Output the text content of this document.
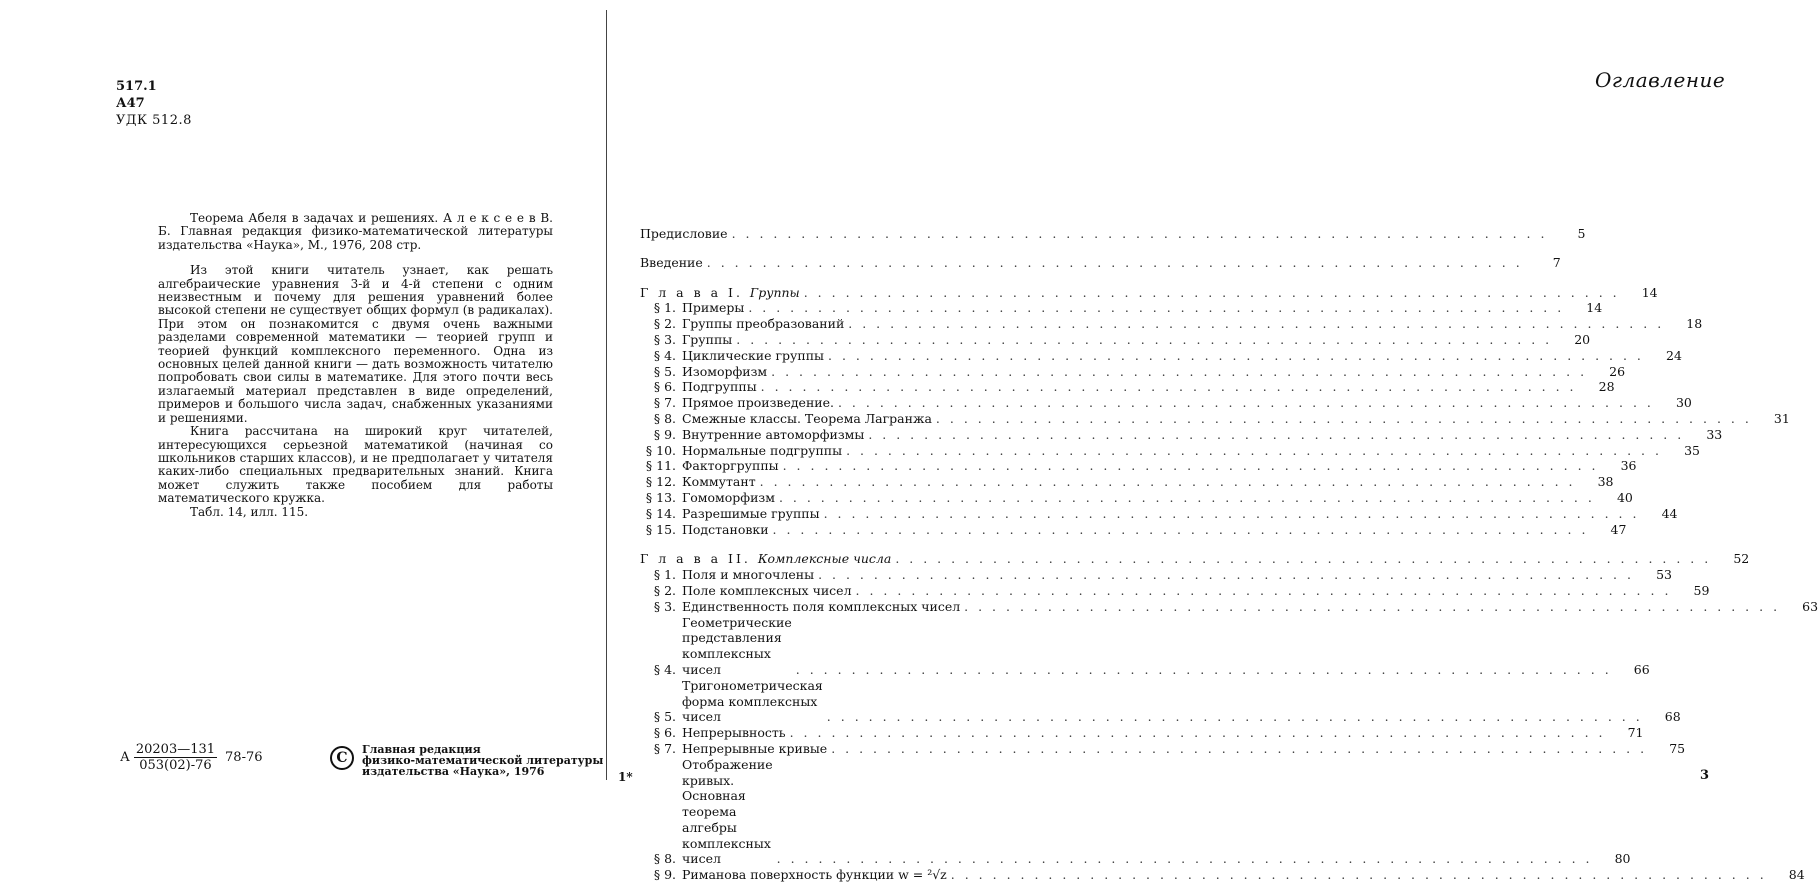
517.1
А47
УДК 512.8

Теорема Абеля в задачах и решениях. А л е к с е е в В. Б. Главная редакция физико-математической литературы издательства «Наука», М., 1976, 208 стр.

Из этой книги читатель узнает, как решать алгебраические уравнения 3-й и 4-й степени с одним неизвестным и почему для решения уравнений более высокой степени не существует общих формул (в радикалах). При этом он познакомится с двумя очень важными разделами современной математики — теорией групп и теорией функций комплексного переменного. Одна из основных целей данной книги — дать возможность читателю попробовать свои силы в математике. Для этого почти весь излагаемый материал представлен в виде определений, примеров и большого числа задач, снабженных указаниями и решениями.

Книга рассчитана на широкий круг читателей, интересующихся серьезной математикой (начиная со школьников старших классов), и не предполагает у читателя каких-либо специальных предварительных знаний. Книга может служить также пособием для работы математического кружка.

Табл. 14, илл. 115.

А $\frac{20203—131}{053(02)-76} 78-76$	C
Главная редакция
физико-математической литературы
издательства «Наука», 1976	1*
Оглавление
3
Предисловие . . .	5
Введение . . .	7
Г л а в а I. Группы . . .	14
§ 1. Примеры . . .	14
§ 2. Группы преобразований . . .	18
§ 3. Группы . . .	20
§ 4. Циклические группы . . .	24
§ 5. Изоморфизм . . .	26
§ 6. Подгруппы . . .	28
§ 7. Прямое произведение. . . .	30
§ 8. Смежные классы. Теорема Лагранжа . . .	31
§ 9. Внутренние автоморфизмы . . .	33
§ 10. Нормальные подгруппы . . .	35
§ 11. Факторгруппы . . .	36
§ 12. Коммутант . . .	38
§ 13. Гомоморфизм . . .	40
§ 14. Разрешимые группы . . .	44
§ 15. Подстановки . . .	47
Г л а в а II. Комплексные числа . . .	52
§ 1. Поля и многочлены . . .	53
§ 2. Поле комплексных чисел . . .	59
§ 3. Единственность поля комплексных чисел . . .	63
§ 4.
Геометрические представления комплексных чисел . . .	66
§ 5.
Тригонометрическая форма комплексных чисел . . .	68
§ 6. Непрерывность . . .	71
§ 7. Непрерывные кривые . . .	75
§ 8.
Отображение кривых. Основная теорема алгебры комплексных чисел . . .	80
§ 9. Риманова поверхность функции w = ²√z . . .	84
